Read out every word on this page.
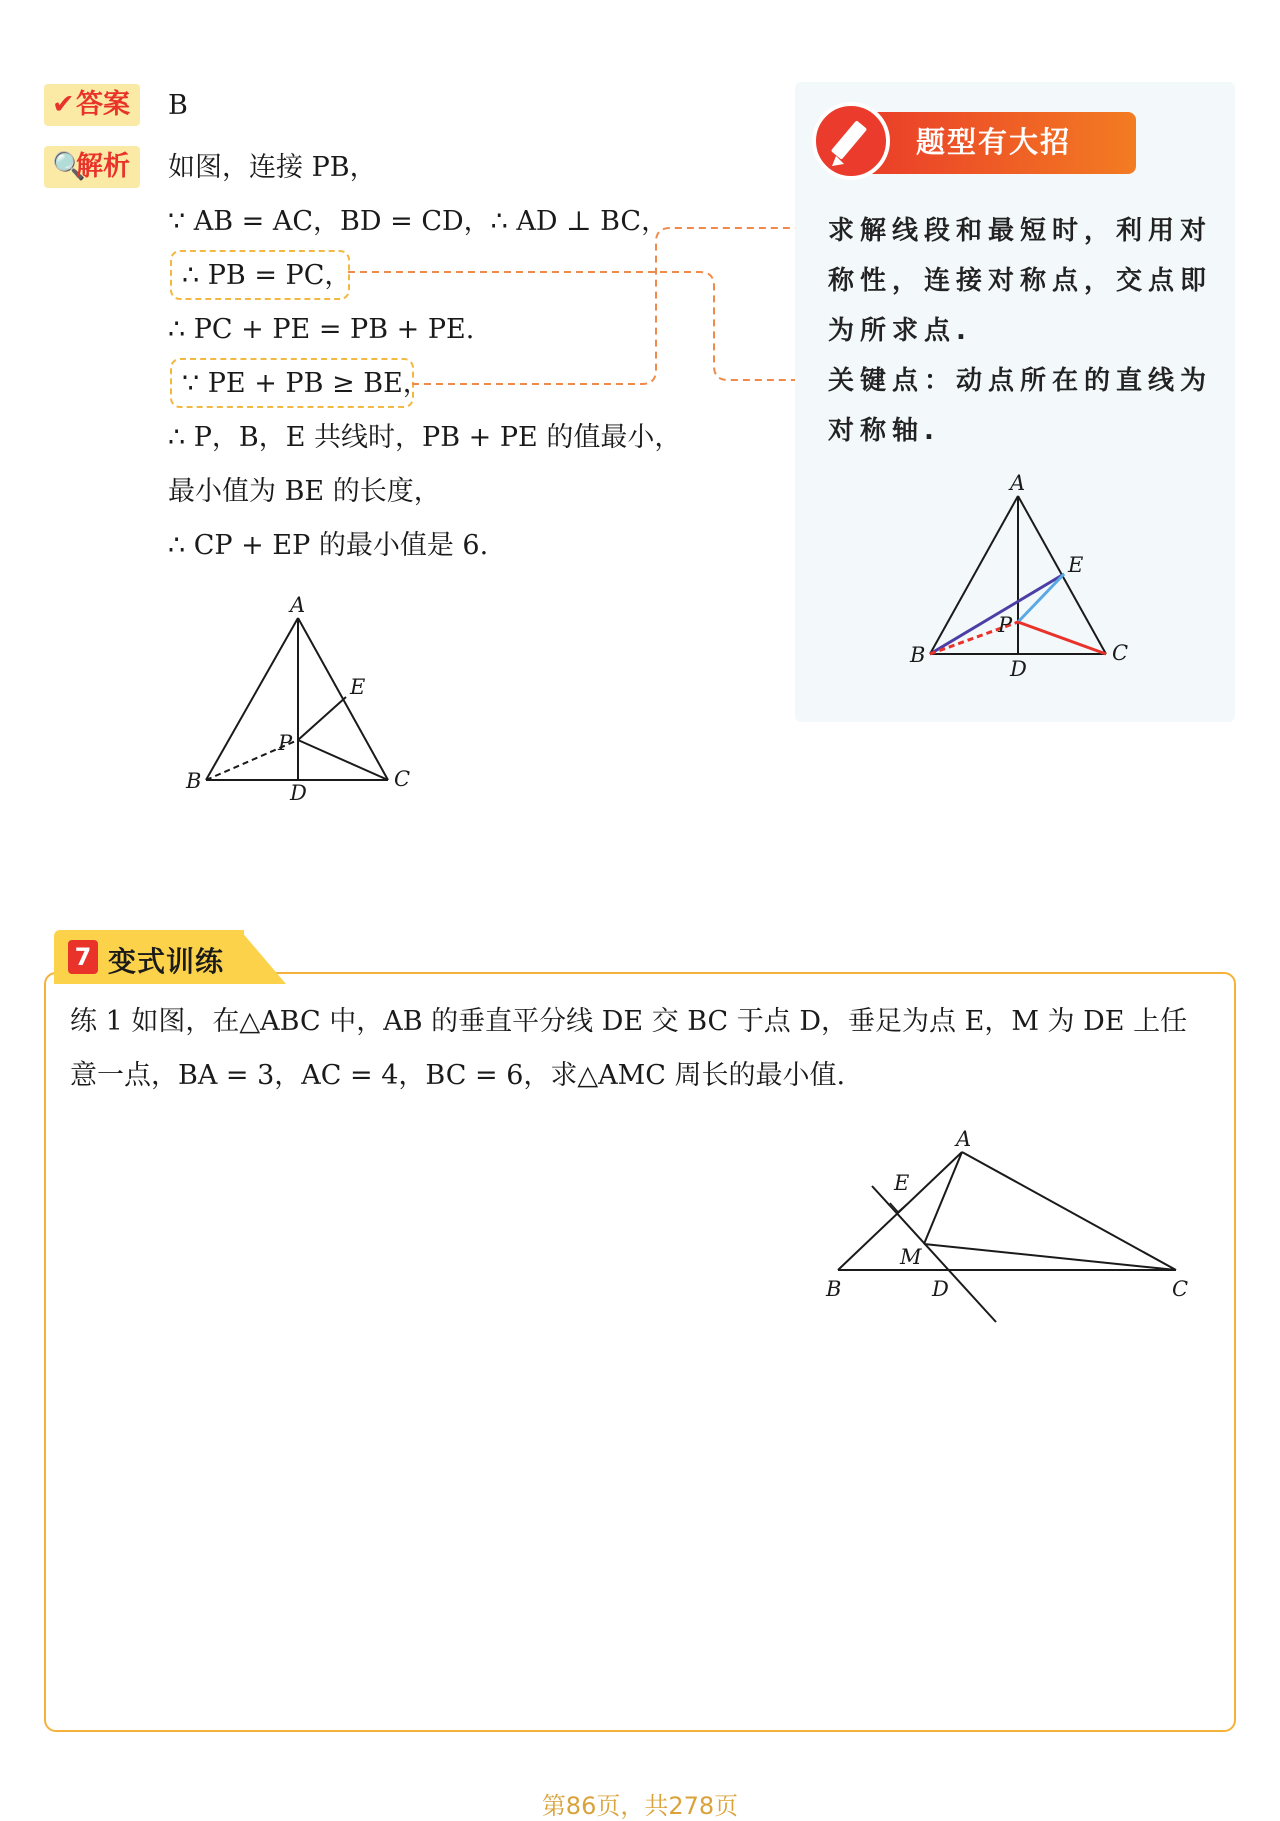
✔答案	B
🔍解析	如图，连接 PB，
∵ AB = AC，BD = CD，∴ AD ⊥ BC，
∴ PB = PC，
∴ PC + PE = PB + PE.
∵ PE + PB ≥ BE，
∴ P，B，E 共线时，PB + PE 的值最小，
最小值为 BE 的长度，
∴ CP + EP 的最小值是 6.
A
B	C
D
E
P
题型有大招
求解线段和最短时，利用对
称性，连接对称点，交点即
为所求点.
关键点：动点所在的直线为
对称轴.
A
B	C
D
E
P
7 变式训练
练 1 如图，在△ABC 中，AB 的垂直平分线 DE 交 BC 于点 D，垂足为点 E，M 为 DE 上任
意一点，BA = 3，AC = 4，BC = 6，求△AMC 周长的最小值.
A
B	C
D
E
M
第86页，共278页
